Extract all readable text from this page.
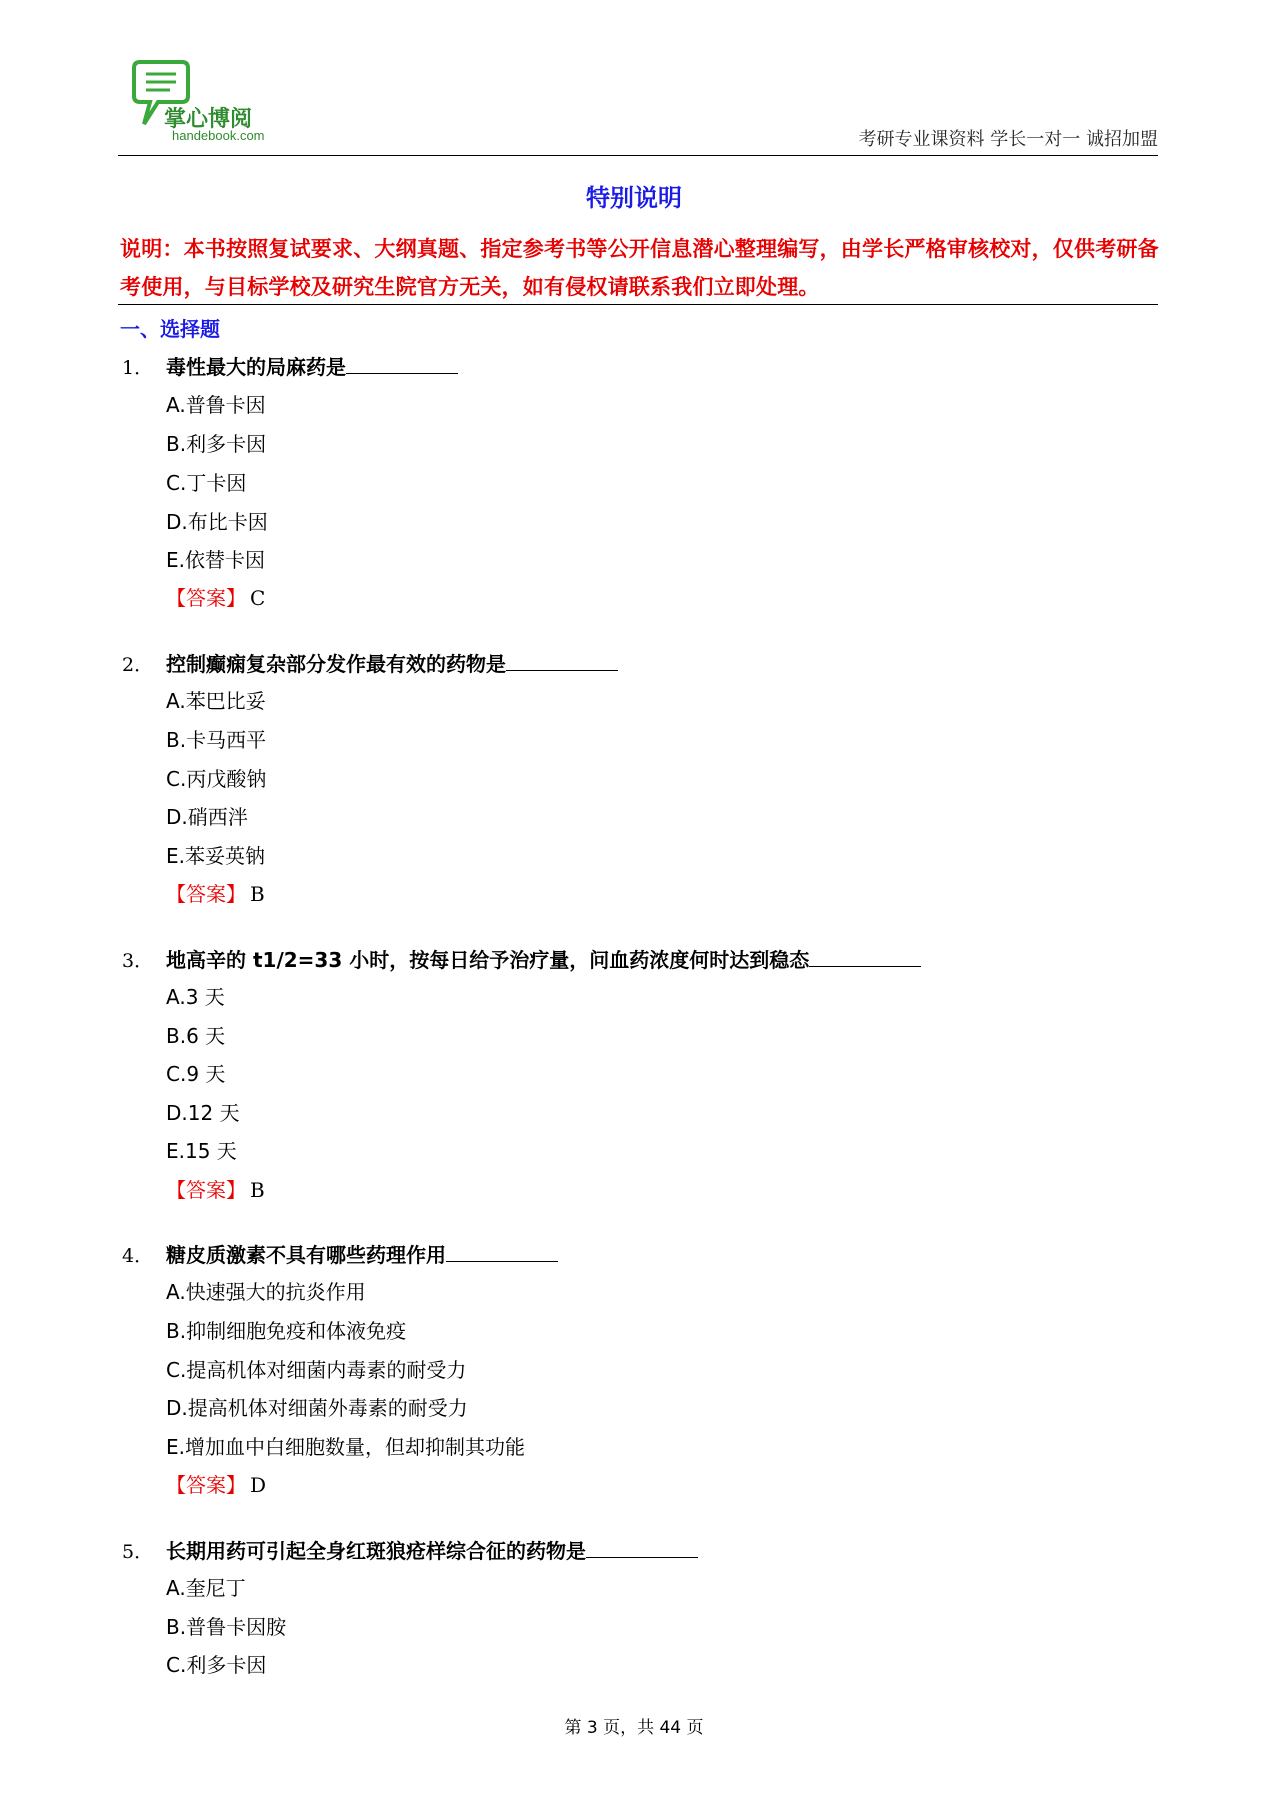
掌心博阅
handebook.com	考研专业课资料 学长一对一 诚招加盟
特别说明
说明：本书按照复试要求、大纲真题、指定参考书等公开信息潜心整理编写，由学长严格审核校对，仅供考研备考使用，与目标学校及研究生院官方无关，如有侵权请联系我们立即处理。
一、选择题
1． 毒性最大的局麻药是
A.普鲁卡因
B.利多卡因
C.丁卡因
D.布比卡因
E.依替卡因
【答案】 C
2． 控制癫痫复杂部分发作最有效的药物是
A.苯巴比妥
B.卡马西平
C.丙戊酸钠
D.硝西泮
E.苯妥英钠
【答案】 B
3． 地高辛的 t1/2=33 小时，按每日给予治疗量，问血药浓度何时达到稳态
A.3 天
B.6 天
C.9 天
D.12 天
E.15 天
【答案】 B
4． 糖皮质激素不具有哪些药理作用
A.快速强大的抗炎作用
B.抑制细胞免疫和体液免疫
C.提高机体对细菌内毒素的耐受力
D.提高机体对细菌外毒素的耐受力
E.增加血中白细胞数量，但却抑制其功能
【答案】 D
5． 长期用药可引起全身红斑狼疮样综合征的药物是
A.奎尼丁
B.普鲁卡因胺
C.利多卡因
第 3 页，共 44 页
